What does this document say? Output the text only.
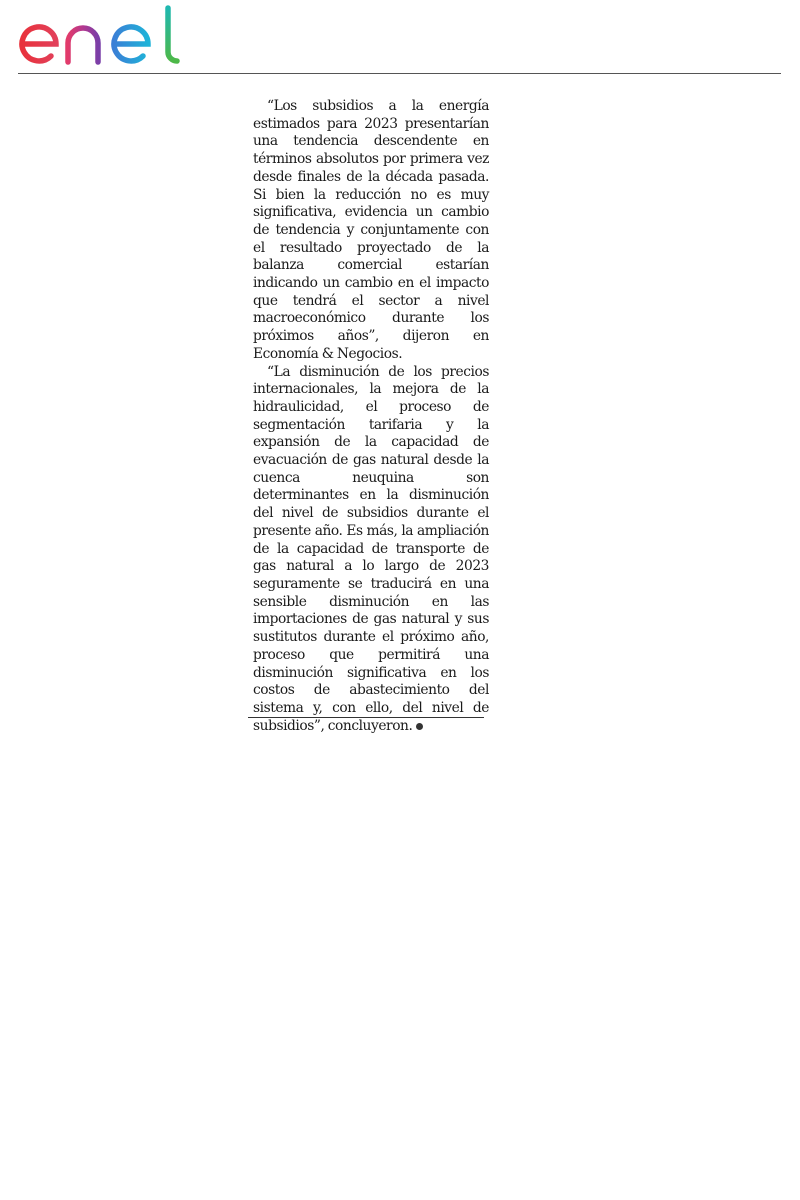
“Los subsidios a la energía estimados para 2023 presentarían una tendencia descendente en términos absolutos por primera vez desde finales de la década pasada. Si bien la reducción no es muy significativa, evidencia un cambio de tendencia y conjuntamente con el resultado proyectado de la balanza comercial estarían indicando un cambio en el impacto que tendrá el sector a nivel macroeconómico durante los próximos años”, dijeron en Economía & Negocios.

“La disminución de los precios internacionales, la mejora de la hidraulicidad, el proceso de segmentación tarifaria y la expansión de la capacidad de evacuación de gas natural desde la cuenca neuquina son determinantes en la disminución del nivel de subsidios durante el presente año. Es más, la ampliación de la capacidad de transporte de gas natural a lo largo de 2023 seguramente se traducirá en una sensible disminución en las importaciones de gas natural y sus sustitutos durante el próximo año, proceso que permitirá una disminución significativa en los costos de abastecimiento del sistema y, con ello, del nivel de subsidios”, concluyeron.
